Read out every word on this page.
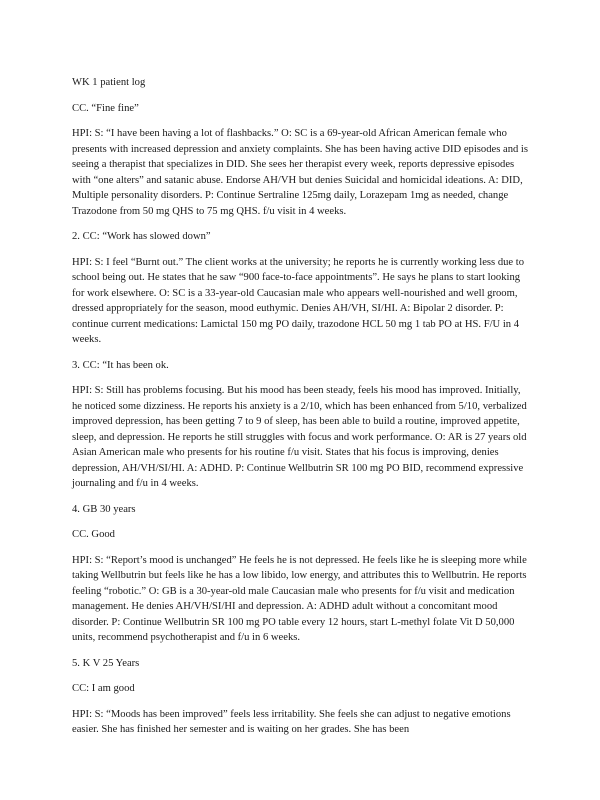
WK 1 patient log

CC. “Fine fine”

HPI: S: “I have been having a lot of flashbacks.” O: SC is a 69-year-old African American female who presents with increased depression and anxiety complaints. She has been having active DID episodes and is seeing a therapist that specializes in DID. She sees her therapist every week, reports depressive episodes with “one alters” and satanic abuse. Endorse AH/VH but denies Suicidal and homicidal ideations. A: DID, Multiple personality disorders. P: Continue Sertraline 125mg daily, Lorazepam 1mg as needed, change Trazodone from 50 mg QHS to 75 mg QHS. f/u visit in 4 weeks.

2. CC: “Work has slowed down”

HPI: S: I feel “Burnt out.” The client works at the university; he reports he is currently working less due to school being out. He states that he saw “900 face-to-face appointments”. He says he plans to start looking for work elsewhere. O: SC is a 33-year-old Caucasian male who appears well-nourished and well groom, dressed appropriately for the season, mood euthymic. Denies AH/VH, SI/HI. A: Bipolar 2 disorder. P: continue current medications: Lamictal 150 mg PO daily, trazodone HCL 50 mg 1 tab PO at HS. F/U in 4 weeks.

3. CC: “It has been ok.

HPI: S: Still has problems focusing. But his mood has been steady, feels his mood has improved. Initially, he noticed some dizziness. He reports his anxiety is a 2/10, which has been enhanced from 5/10, verbalized improved depression, has been getting 7 to 9 of sleep, has been able to build a routine, improved appetite, sleep, and depression. He reports he still struggles with focus and work performance. O: AR is 27 years old Asian American male who presents for his routine f/u visit. States that his focus is improving, denies depression, AH/VH/SI/HI. A: ADHD. P: Continue Wellbutrin SR 100 mg PO BID, recommend expressive journaling and f/u in 4 weeks.

4. GB 30 years

CC. Good

HPI: S: “Report’s mood is unchanged” He feels he is not depressed. He feels like he is sleeping more while taking Wellbutrin but feels like he has a low libido, low energy, and attributes this to Wellbutrin. He reports feeling “robotic.” O: GB is a 30-year-old male Caucasian male who presents for f/u visit and medication management. He denies AH/VH/SI/HI and depression. A: ADHD adult without a concomitant mood disorder. P: Continue Wellbutrin SR 100 mg PO table every 12 hours, start L-methyl folate Vit D 50,000 units, recommend psychotherapist and f/u in 6 weeks.

5. K V 25 Years

CC: I am good

HPI: S: “Moods has been improved” feels less irritability. She feels she can adjust to negative emotions easier. She has finished her semester and is waiting on her grades. She has been
